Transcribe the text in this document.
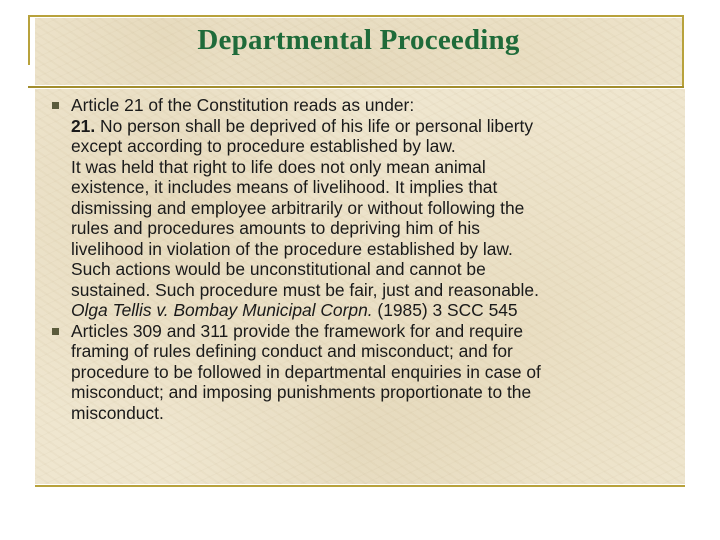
Departmental Proceeding
Article 21 of the Constitution reads as under:
21. No person shall be deprived of his life or personal liberty
except according to procedure established by law.
It was held that right to life does not only mean animal
existence, it includes means of livelihood. It implies that
dismissing and employee arbitrarily or without following the
rules and procedures amounts to depriving him of his
livelihood in violation of the procedure established by law.
Such actions would be unconstitutional and cannot be
sustained. Such procedure must be fair, just and reasonable.
Olga Tellis v. Bombay Municipal Corpn. (1985) 3 SCC 545
Articles 309 and 311 provide the framework for and require
framing of rules defining conduct and misconduct; and for
procedure to be followed in departmental enquiries in case of
misconduct; and imposing punishments proportionate to the
misconduct.
